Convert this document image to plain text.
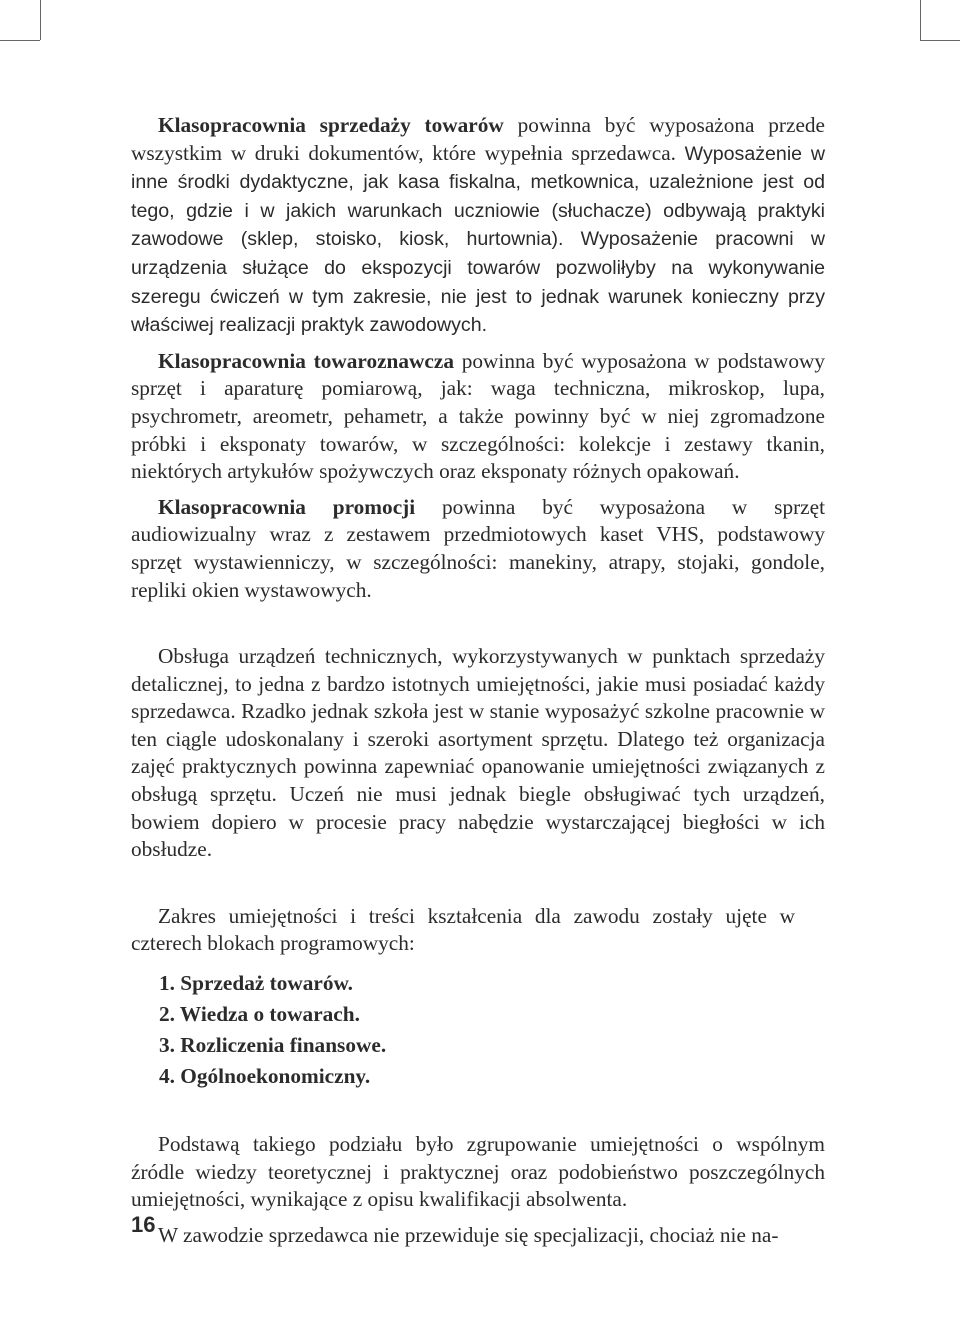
Klasopracownia sprzedaży towarów powinna być wyposażona przede wszystkim w druki dokumentów, które wypełnia sprzedawca. Wyposażenie w inne środki dydaktyczne, jak kasa fiskalna, metkownica, uzależnione jest od tego, gdzie i w jakich warunkach uczniowie (słuchacze) odbywają praktyki zawodowe (sklep, stoisko, kiosk, hurtownia). Wyposażenie pracowni w urządzenia służące do ekspozycji towarów pozwoliłyby na wykonywanie szeregu ćwiczeń w tym zakresie, nie jest to jednak warunek konieczny przy właściwej realizacji praktyk zawodowych.

Klasopracownia towaroznawcza powinna być wyposażona w podstawowy sprzęt i aparaturę pomiarową, jak: waga techniczna, mikroskop, lupa, psychrometr, areometr, pehametr, a także powinny być w niej zgromadzone próbki i eksponaty towarów, w szczególności: kolekcje i zestawy tkanin, niektórych artykułów spożywczych oraz eksponaty różnych opakowań.

Klasopracownia promocji powinna być wyposażona w sprzęt audiowizualny wraz z zestawem przedmiotowych kaset VHS, podstawowy sprzęt wystawienniczy, w szczególności: manekiny, atrapy, stojaki, gondole, repliki okien wystawowych.

Obsługa urządzeń technicznych, wykorzystywanych w punktach sprzedaży detalicznej, to jedna z bardzo istotnych umiejętności, jakie musi posiadać każdy sprzedawca. Rzadko jednak szkoła jest w stanie wyposażyć szkolne pracownie w ten ciągle udoskonalany i szeroki asortyment sprzętu. Dlatego też organizacja zajęć praktycznych powinna zapewniać opanowanie umiejętności związanych z obsługą sprzętu. Uczeń nie musi jednak biegle obsługiwać tych urządzeń, bowiem dopiero w procesie pracy nabędzie wystarczającej biegłości w ich obsłudze.

Zakres umiejętności i treści kształcenia dla zawodu zostały ujęte w czterech blokach programowych:

1. Sprzedaż towarów.
2. Wiedza o towarach.
3. Rozliczenia finansowe.
4. Ogólnoekonomiczny.

Podstawą takiego podziału było zgrupowanie umiejętności o wspólnym źródle wiedzy teoretycznej i praktycznej oraz podobieństwo poszczególnych umiejętności, wynikające z opisu kwalifikacji absolwenta.

W zawodzie sprzedawca nie przewiduje się specjalizacji, chociaż nie na-

16
